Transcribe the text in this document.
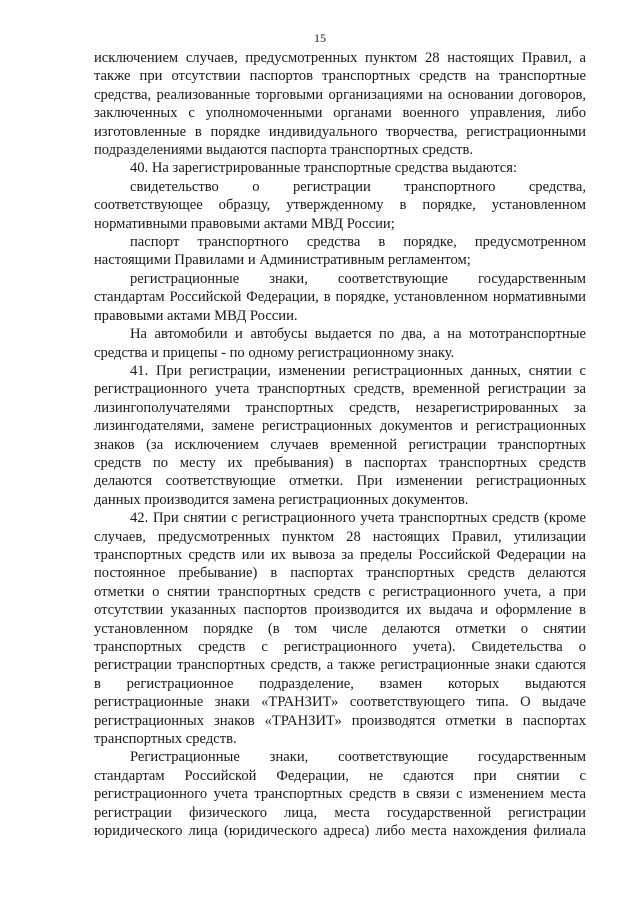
15

исключением случаев, предусмотренных пунктом 28 настоящих Правил, а

также при отсутствии паспортов транспортных средств на транспортные

средства, реализованные торговыми организациями на основании договоров,

заключенных с уполномоченными органами военного управления, либо

изготовленные в порядке индивидуального творчества, регистрационными

подразделениями выдаются паспорта транспортных средств.

40. На зарегистрированные транспортные средства выдаются:

свидетельство о регистрации транспортного средства,

соответствующее образцу, утвержденному в порядке, установленном

нормативными правовыми актами МВД России;

паспорт транспортного средства в порядке, предусмотренном

настоящими Правилами и Административным регламентом;

регистрационные знаки, соответствующие государственным

стандартам Российской Федерации, в порядке, установленном нормативными

правовыми актами МВД России.

На автомобили и автобусы выдается по два, а на мототранспортные

средства и прицепы - по одному регистрационному знаку.

41. При регистрации, изменении регистрационных данных, снятии с

регистрационного учета транспортных средств, временной регистрации за

лизингополучателями транспортных средств, незарегистрированных за

лизингодателями, замене регистрационных документов и регистрационных

знаков (за исключением случаев временной регистрации транспортных

средств по месту их пребывания) в паспортах транспортных средств

делаются соответствующие отметки. При изменении регистрационных

данных производится замена регистрационных документов.

42. При снятии с регистрационного учета транспортных средств (кроме

случаев, предусмотренных пунктом 28 настоящих Правил, утилизации

транспортных средств или их вывоза за пределы Российской Федерации на

постоянное пребывание) в паспортах транспортных средств делаются

отметки о снятии транспортных средств с регистрационного учета, а при

отсутствии указанных паспортов производится их выдача и оформление в

установленном порядке (в том числе делаются отметки о снятии

транспортных средств с регистрационного учета). Свидетельства о

регистрации транспортных средств, а также регистрационные знаки сдаются

в регистрационное подразделение, взамен которых выдаются

регистрационные знаки «ТРАНЗИТ» соответствующего типа. О выдаче

регистрационных знаков «ТРАНЗИТ» производятся отметки в паспортах

транспортных средств.

Регистрационные знаки, соответствующие государственным

стандартам Российской Федерации, не сдаются при снятии с

регистрационного учета транспортных средств в связи с изменением места

регистрации физического лица, места государственной регистрации

юридического лица (юридического адреса) либо места нахождения филиала
